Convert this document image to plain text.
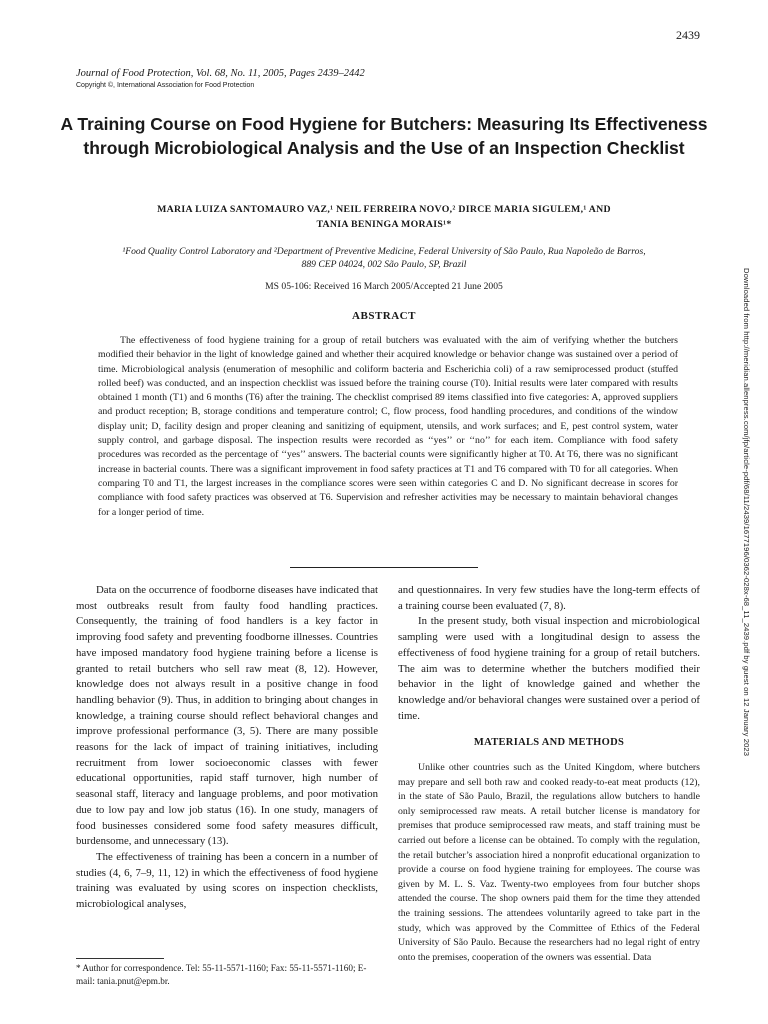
2439
Journal of Food Protection, Vol. 68, No. 11, 2005, Pages 2439–2442
Copyright ©, International Association for Food Protection
A Training Course on Food Hygiene for Butchers: Measuring Its Effectiveness through Microbiological Analysis and the Use of an Inspection Checklist
MARIA LUIZA SANTOMAURO VAZ,¹ NEIL FERREIRA NOVO,² DIRCE MARIA SIGULEM,¹ AND
TANIA BENINGA MORAIS¹*
¹Food Quality Control Laboratory and ²Department of Preventive Medicine, Federal University of São Paulo, Rua Napoleão de Barros,
889 CEP 04024, 002 São Paulo, SP, Brazil
MS 05-106: Received 16 March 2005/Accepted 21 June 2005
ABSTRACT

The effectiveness of food hygiene training for a group of retail butchers was evaluated with the aim of verifying whether the butchers modified their behavior in the light of knowledge gained and whether their acquired knowledge or behavior change was sustained over a period of time. Microbiological analysis (enumeration of mesophilic and coliform bacteria and Escherichia coli) of a raw semiprocessed product (stuffed rolled beef) was conducted, and an inspection checklist was issued before the training course (T0). Initial results were later compared with results obtained 1 month (T1) and 6 months (T6) after the training. The checklist comprised 89 items classified into five categories: A, approved suppliers and product reception; B, storage conditions and temperature control; C, flow process, food handling procedures, and conditions of the window display unit; D, facility design and proper cleaning and sanitizing of equipment, utensils, and work surfaces; and E, pest control system, water supply control, and garbage disposal. The inspection results were recorded as ‘‘yes’’ or ‘‘no’’ for each item. Compliance with food safety procedures was recorded as the percentage of ‘‘yes’’ answers. The bacterial counts were significantly higher at T0. At T6, there was no significant increase in bacterial counts. There was a significant improvement in food safety practices at T1 and T6 compared with T0 for all categories. When comparing T0 and T1, the largest increases in the compliance scores were seen within categories C and D. No significant decrease in scores for compliance with food safety practices was observed at T6. Supervision and refresher activities may be necessary to maintain behavioral changes for a longer period of time.

Data on the occurrence of foodborne diseases have indicated that most outbreaks result from faulty food handling practices. Consequently, the training of food handlers is a key factor in improving food safety and preventing foodborne illnesses. Countries have imposed mandatory food hygiene training before a license is granted to retail butchers who sell raw meat (8, 12). However, knowledge does not always result in a positive change in food handling behavior (9). Thus, in addition to bringing about changes in knowledge, a training course should reflect behavioral changes and improve professional performance (3, 5). There are many possible reasons for the lack of impact of training initiatives, including recruitment from lower socioeconomic classes with fewer educational opportunities, rapid staff turnover, high number of seasonal staff, literacy and language problems, and poor motivation due to low pay and low job status (16). In one study, managers of food businesses considered some food safety measures difficult, burdensome, and unnecessary (13).

The effectiveness of training has been a concern in a number of studies (4, 6, 7–9, 11, 12) in which the effectiveness of food hygiene training was evaluated by using scores on inspection checklists, microbiological analyses,

and questionnaires. In very few studies have the long-term effects of a training course been evaluated (7, 8).

In the present study, both visual inspection and microbiological sampling were used with a longitudinal design to assess the effectiveness of food hygiene training for a group of retail butchers. The aim was to determine whether the butchers modified their behavior in the light of knowledge gained and whether the knowledge and/or behavioral changes were sustained over a period of time.

MATERIALS AND METHODS

Unlike other countries such as the United Kingdom, where butchers may prepare and sell both raw and cooked ready-to-eat meat products (12), in the state of São Paulo, Brazil, the regulations allow butchers to handle only semiprocessed raw meats. A retail butcher license is mandatory for premises that produce semiprocessed raw meats, and staff training must be carried out before a license can be obtained. To comply with the regulation, the retail butcher’s association hired a nonprofit educational organization to provide a course on food hygiene training for employees. The course was given by M. L. S. Vaz. Twenty-two employees from four butcher shops attended the course. The shop owners paid them for the time they attended the training sessions. The attendees voluntarily agreed to take part in the study, which was approved by the Committee of Ethics of the Federal University of São Paulo. Because the researchers had no legal right of entry onto the premises, cooperation of the owners was essential. Data

* Author for correspondence. Tel: 55-11-5571-1160; Fax: 55-11-5571-1160; E-mail: tania.pnut@epm.br.
Downloaded from http://meridian.allenpress.com/jfp/article-pdf/68/11/2439/1677196/0362-028x-68_11_2439.pdf by guest on 12 January 2023
